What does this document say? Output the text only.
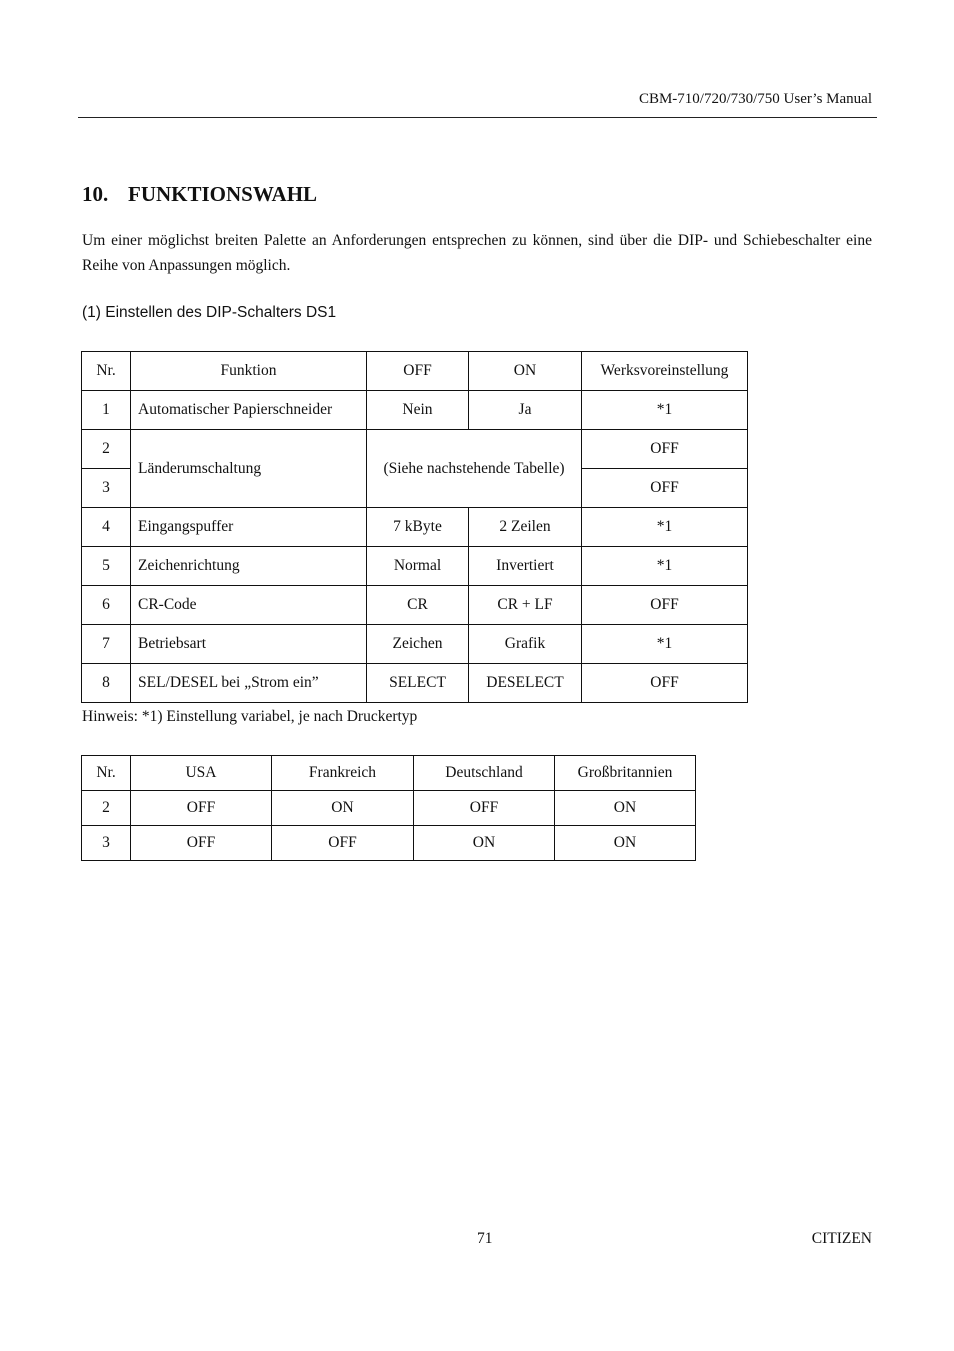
CBM-710/720/730/750 User’s Manual
10. FUNKTIONSWAHL

Um einer möglichst breiten Palette an Anforderungen entsprechen zu können, sind über die DIP- und Schiebeschalter eine Reihe von Anpassungen möglich.

(1) Einstellen des DIP-Schalters DS1

Nr.	Funktion	OFF	ON	Werksvoreinstellung
1	Automatischer Papierschneider	Nein	Ja	*1
2	Länderumschaltung	(Siehe nachstehende Tabelle)		OFF
3				OFF
4	Eingangspuffer	7 kByte	2 Zeilen	*1
5	Zeichenrichtung	Normal	Invertiert	*1
6	CR-Code	CR	CR + LF	OFF
7	Betriebsart	Zeichen	Grafik	*1
8	SEL/DESEL bei „Strom ein”	SELECT	DESELECT	OFF

Hinweis: *1) Einstellung variabel, je nach Druckertyp

Nr.	USA	Frankreich	Deutschland	Großbritannien
2	OFF	ON	OFF	ON
3	OFF	OFF	ON	ON
71	CITIZEN
